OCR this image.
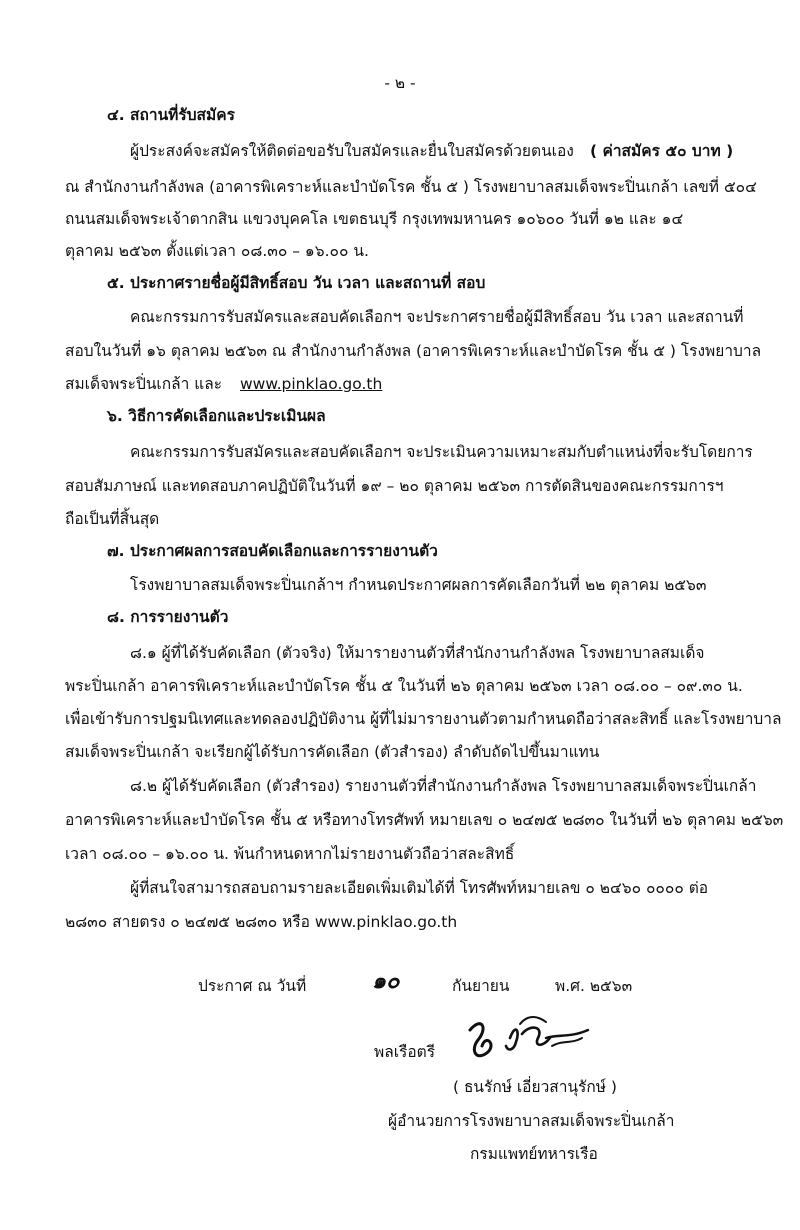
- ๒ -
๔. สถานที่รับสมัคร
ผู้ประสงค์จะสมัครให้ติดต่อขอรับใบสมัครและยื่นใบสมัครด้วยตนเอง ( ค่าสมัคร ๕๐ บาท )
ณ สำนักงานกำลังพล (อาคารพิเคราะห์และบำบัดโรค ชั้น ๕ ) โรงพยาบาลสมเด็จพระปิ่นเกล้า เลขที่ ๕๐๔
ถนนสมเด็จพระเจ้าตากสิน แขวงบุคคโล เขตธนบุรี กรุงเทพมหานคร ๑๐๖๐๐ วันที่ ๑๒ และ ๑๔
ตุลาคม ๒๕๖๓ ตั้งแต่เวลา ๐๘.๓๐ – ๑๖.๐๐ น.
๕. ประกาศรายชื่อผู้มีสิทธิ์สอบ วัน เวลา และสถานที่ สอบ
คณะกรรมการรับสมัครและสอบคัดเลือกฯ จะประกาศรายชื่อผู้มีสิทธิ์สอบ วัน เวลา และสถานที่
สอบในวันที่ ๑๖ ตุลาคม ๒๕๖๓ ณ สำนักงานกำลังพล (อาคารพิเคราะห์และบำบัดโรค ชั้น ๕ ) โรงพยาบาล
สมเด็จพระปิ่นเกล้า และ www.pinklao.go.th
๖. วิธีการคัดเลือกและประเมินผล
คณะกรรมการรับสมัครและสอบคัดเลือกฯ จะประเมินความเหมาะสมกับตำแหน่งที่จะรับโดยการ
สอบสัมภาษณ์ และทดสอบภาคปฏิบัติในวันที่ ๑๙ – ๒๐ ตุลาคม ๒๕๖๓ การตัดสินของคณะกรรมการฯ
ถือเป็นที่สิ้นสุด
๗. ประกาศผลการสอบคัดเลือกและการรายงานตัว
โรงพยาบาลสมเด็จพระปิ่นเกล้าฯ กำหนดประกาศผลการคัดเลือกวันที่ ๒๒ ตุลาคม ๒๕๖๓
๘. การรายงานตัว
๘.๑ ผู้ที่ได้รับคัดเลือก (ตัวจริง) ให้มารายงานตัวที่สำนักงานกำลังพล โรงพยาบาลสมเด็จ
พระปิ่นเกล้า อาคารพิเคราะห์และบำบัดโรค ชั้น ๕ ในวันที่ ๒๖ ตุลาคม ๒๕๖๓ เวลา ๐๘.๐๐ – ๐๙.๓๐ น.
เพื่อเข้ารับการปฐมนิเทศและทดลองปฏิบัติงาน ผู้ที่ไม่มารายงานตัวตามกำหนดถือว่าสละสิทธิ์ และโรงพยาบาล
สมเด็จพระปิ่นเกล้า จะเรียกผู้ได้รับการคัดเลือก (ตัวสำรอง) ลำดับถัดไปขึ้นมาแทน
๘.๒ ผู้ได้รับคัดเลือก (ตัวสำรอง) รายงานตัวที่สำนักงานกำลังพล โรงพยาบาลสมเด็จพระปิ่นเกล้า
อาคารพิเคราะห์และบำบัดโรค ชั้น ๕ หรือทางโทรศัพท์ หมายเลข ๐ ๒๔๗๕ ๒๘๓๐ ในวันที่ ๒๖ ตุลาคม ๒๕๖๓
เวลา ๐๘.๐๐ – ๑๖.๐๐ น. พ้นกำหนดหากไม่รายงานตัวถือว่าสละสิทธิ์
ผู้ที่สนใจสามารถสอบถามรายละเอียดเพิ่มเติมได้ที่ โทรศัพท์หมายเลข ๐ ๒๔๖๐ ๐๐๐๐ ต่อ
๒๘๓๐ สายตรง ๐ ๒๔๗๕ ๒๘๓๐ หรือ www.pinklao.go.th
ประกาศ ณ วันที่	๑๐	กันยายน	พ.ศ. ๒๕๖๓
พลเรือตรี
( ธนรักษ์ เอี่ยวสานุรักษ์ )
ผู้อำนวยการโรงพยาบาลสมเด็จพระปิ่นเกล้า
กรมแพทย์ทหารเรือ
